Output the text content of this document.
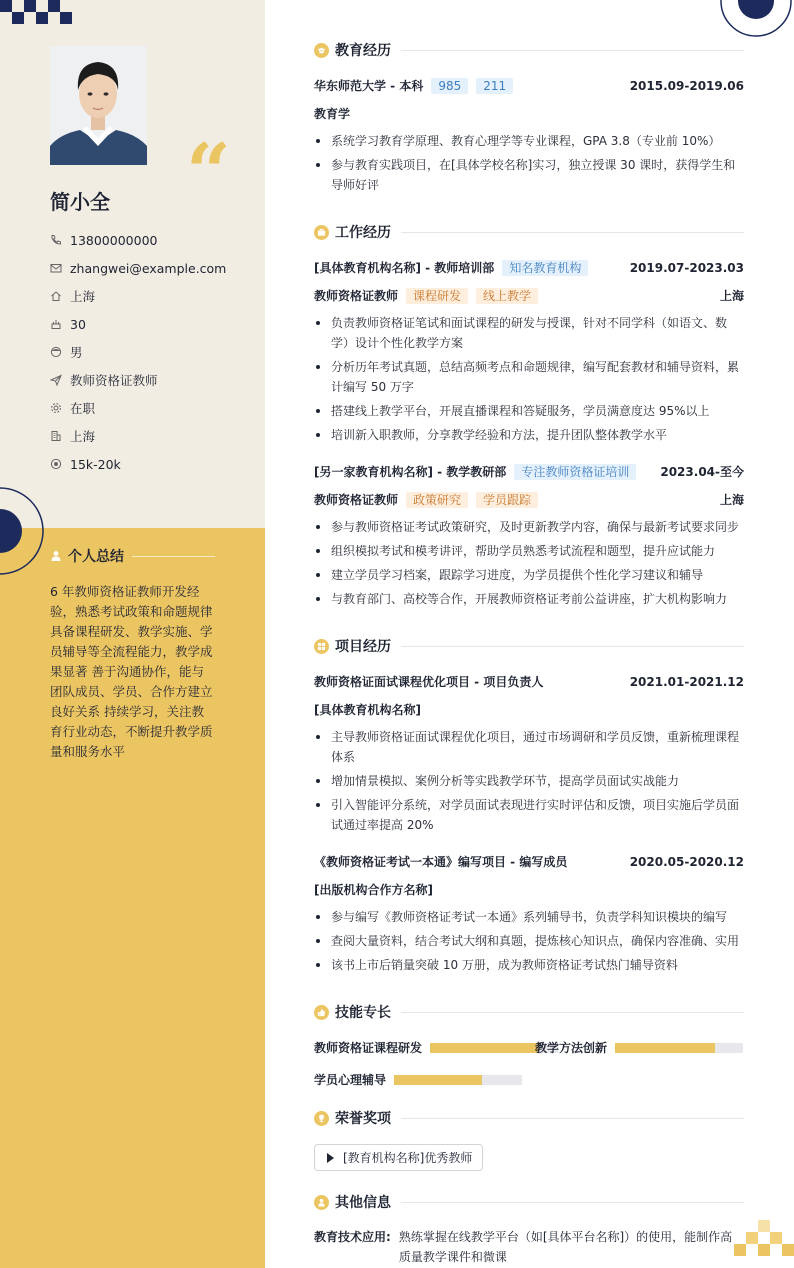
“
简小全
13800000000
zhangwei@example.com
上海
30
男
教师资格证教师
在职
上海
15k-20k
个人总结
6 年教师资格证教师开发经验，熟悉考试政策和命题规律 具备课程研发、教学实施、学员辅导等全流程能力，教学成果显著 善于沟通协作，能与团队成员、学员、合作方建立良好关系 持续学习，关注教育行业动态，不断提升教学质量和服务水平
教育经历
华东师范大学 - 本科	985	211	2015.09-2019.06
教育学
系统学习教育学原理、教育心理学等专业课程，GPA 3.8（专业前 10%）
参与教育实践项目，在[具体学校名称]实习，独立授课 30 课时，获得学生和导师好评
工作经历
[具体教育机构名称] - 教师培训部	知名教育机构	2019.07-2023.03
教师资格证教师	课程研发	线上教学	上海
负责教师资格证笔试和面试课程的研发与授课，针对不同学科（如语文、数学）设计个性化教学方案
分析历年考试真题，总结高频考点和命题规律，编写配套教材和辅导资料，累计编写 50 万字
搭建线上教学平台，开展直播课程和答疑服务，学员满意度达 95%以上
培训新入职教师，分享教学经验和方法，提升团队整体教学水平
[另一家教育机构名称] - 教学教研部	专注教师资格证培训	2023.04-至今
教师资格证教师	政策研究	学员跟踪	上海
参与教师资格证考试政策研究，及时更新教学内容，确保与最新考试要求同步
组织模拟考试和模考讲评，帮助学员熟悉考试流程和题型，提升应试能力
建立学员学习档案，跟踪学习进度，为学员提供个性化学习建议和辅导
与教育部门、高校等合作，开展教师资格证考前公益讲座，扩大机构影响力
项目经历
教师资格证面试课程优化项目 - 项目负责人	2021.01-2021.12
[具体教育机构名称]
主导教师资格证面试课程优化项目，通过市场调研和学员反馈，重新梳理课程体系
增加情景模拟、案例分析等实践教学环节，提高学员面试实战能力
引入智能评分系统，对学员面试表现进行实时评估和反馈，项目实施后学员面试通过率提高 20%
《教师资格证考试一本通》编写项目 - 编写成员	2020.05-2020.12
[出版机构合作方名称]
参与编写《教师资格证考试一本通》系列辅导书，负责学科知识模块的编写
查阅大量资料，结合考试大纲和真题，提炼核心知识点，确保内容准确、实用
该书上市后销量突破 10 万册，成为教师资格证考试热门辅导资料
技能专长
教师资格证课程研发	教学方法创新
学员心理辅导
荣誉奖项
[教育机构名称]优秀教师
其他信息
教育技术应用: 熟练掌握在线教学平台（如[具体平台名称]）的使用，能制作高质量教学课件和微课
